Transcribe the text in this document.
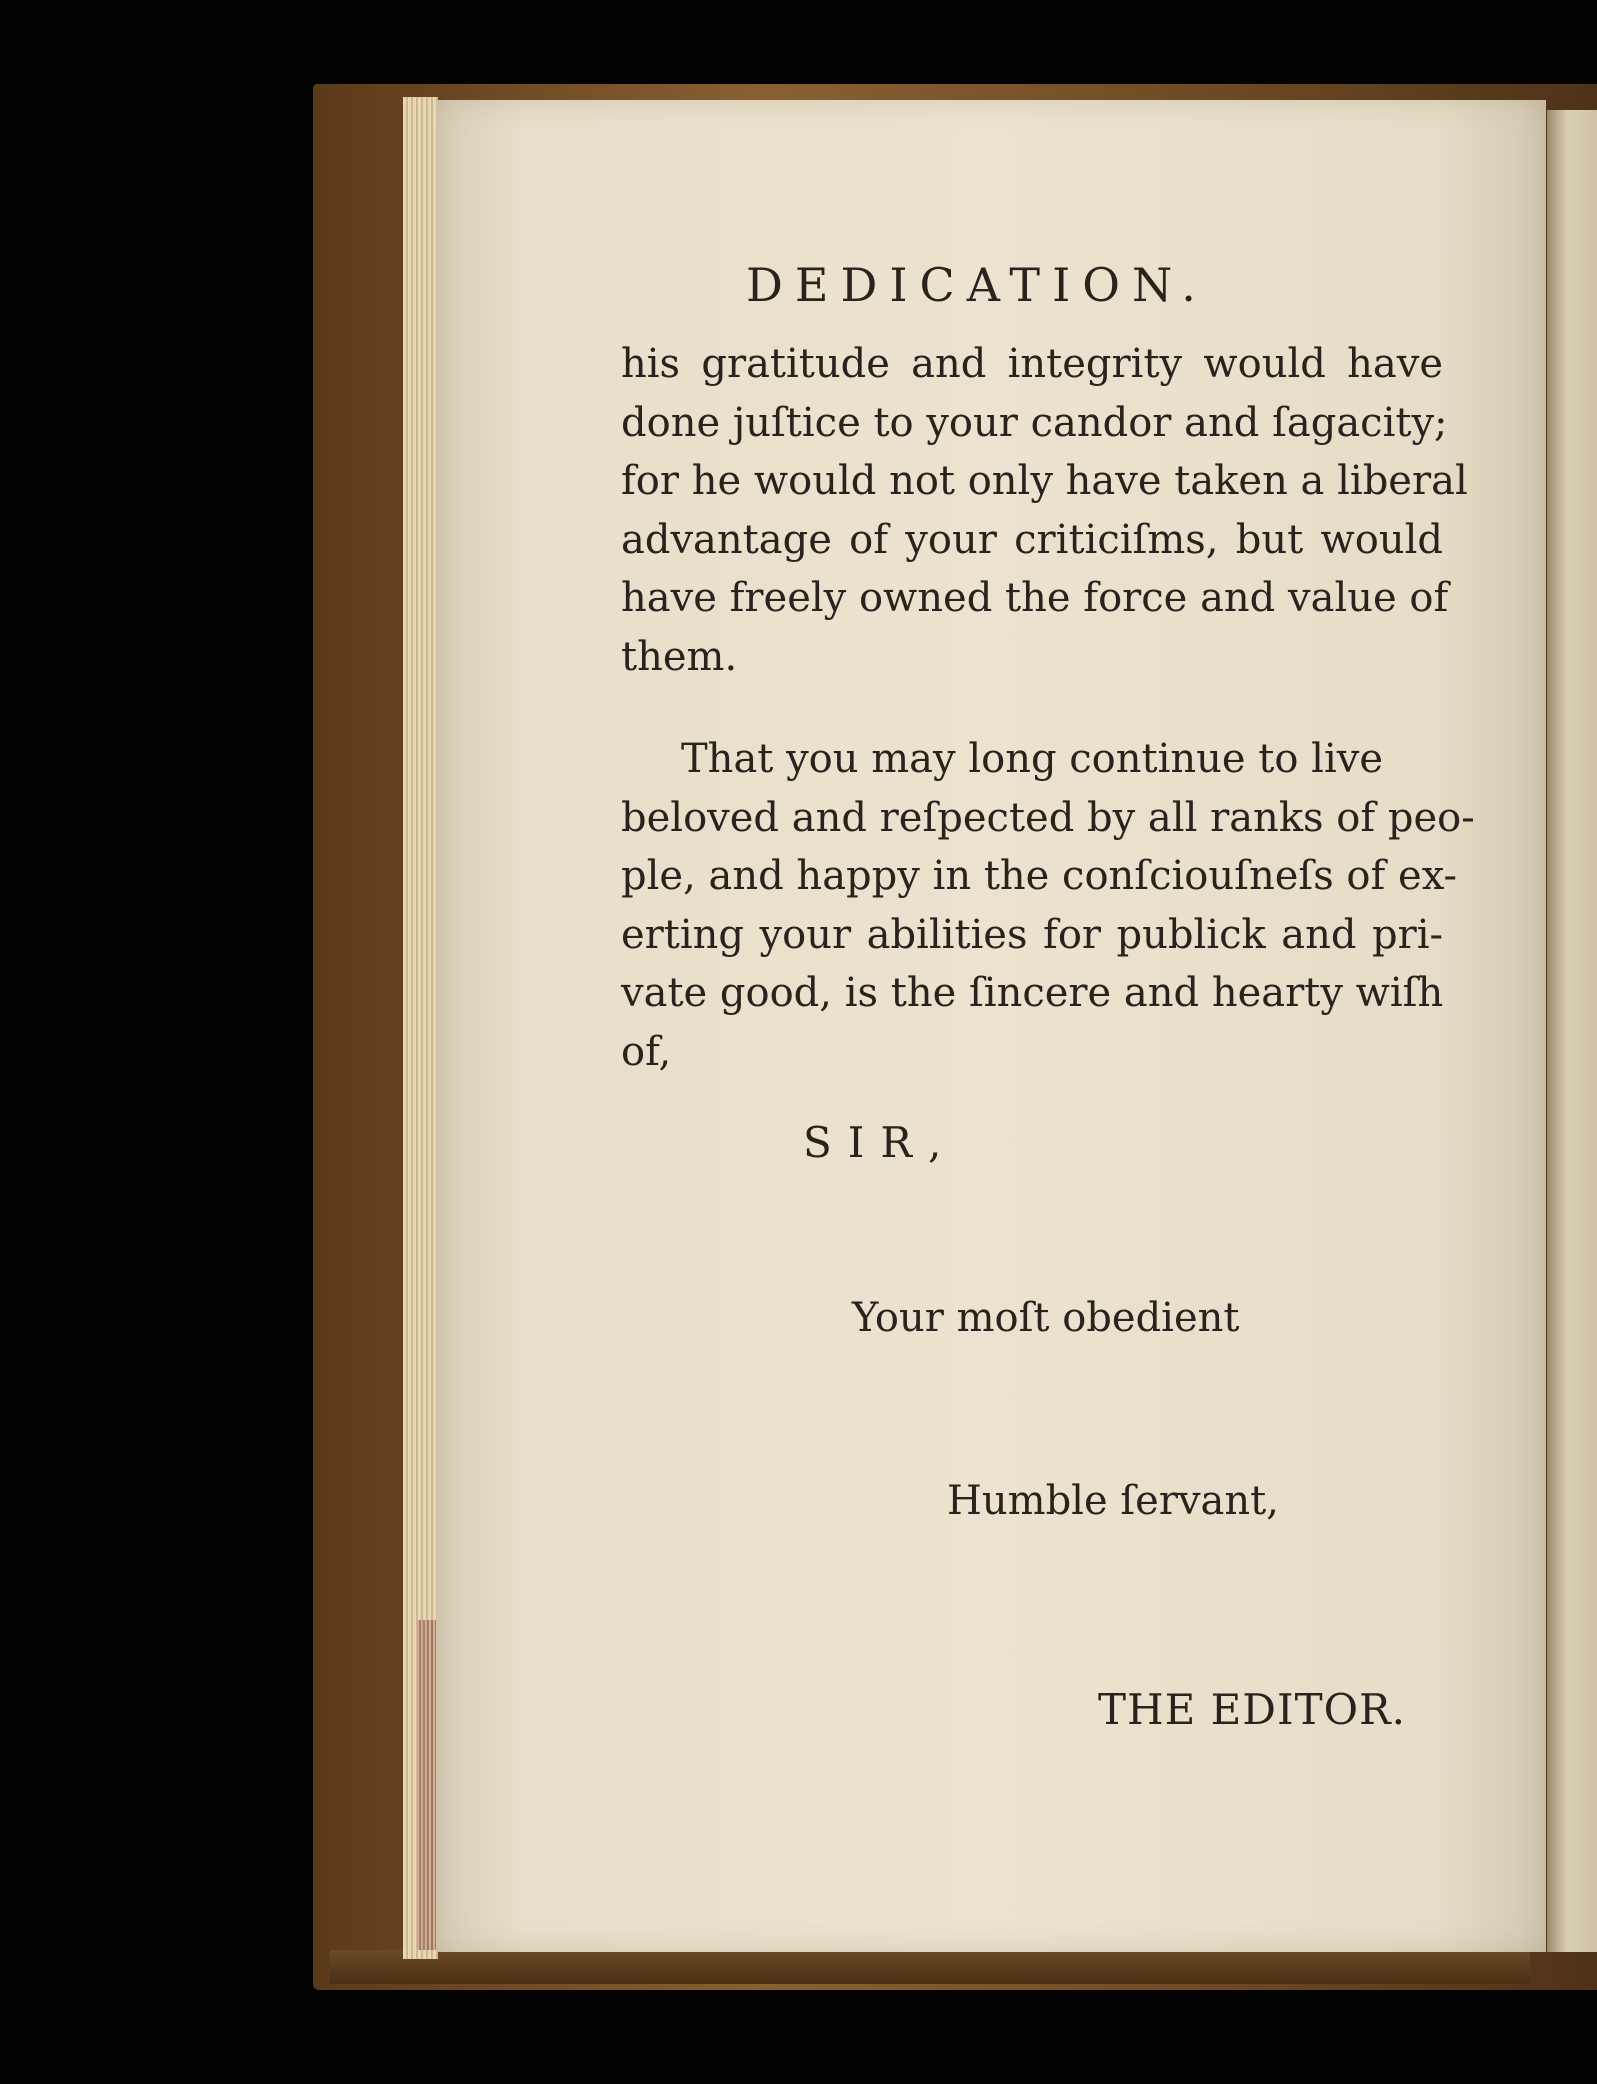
DEDICATION.
his gratitude and integrity would have
done juſtice to your candor and ſagacity;
for he would not only have taken a liberal
advantage of your criticiſms, but would
have freely owned the force and value of
them.
That you may long continue to live
beloved and reſpected by all ranks of peo-
ple, and happy in the conſciouſneſs of ex-
erting your abilities for publick and pri-
vate good, is the ſincere and hearty wiſh
of,
SIR,
Your moſt obedient
Humble ſervant,
THE EDITOR.
